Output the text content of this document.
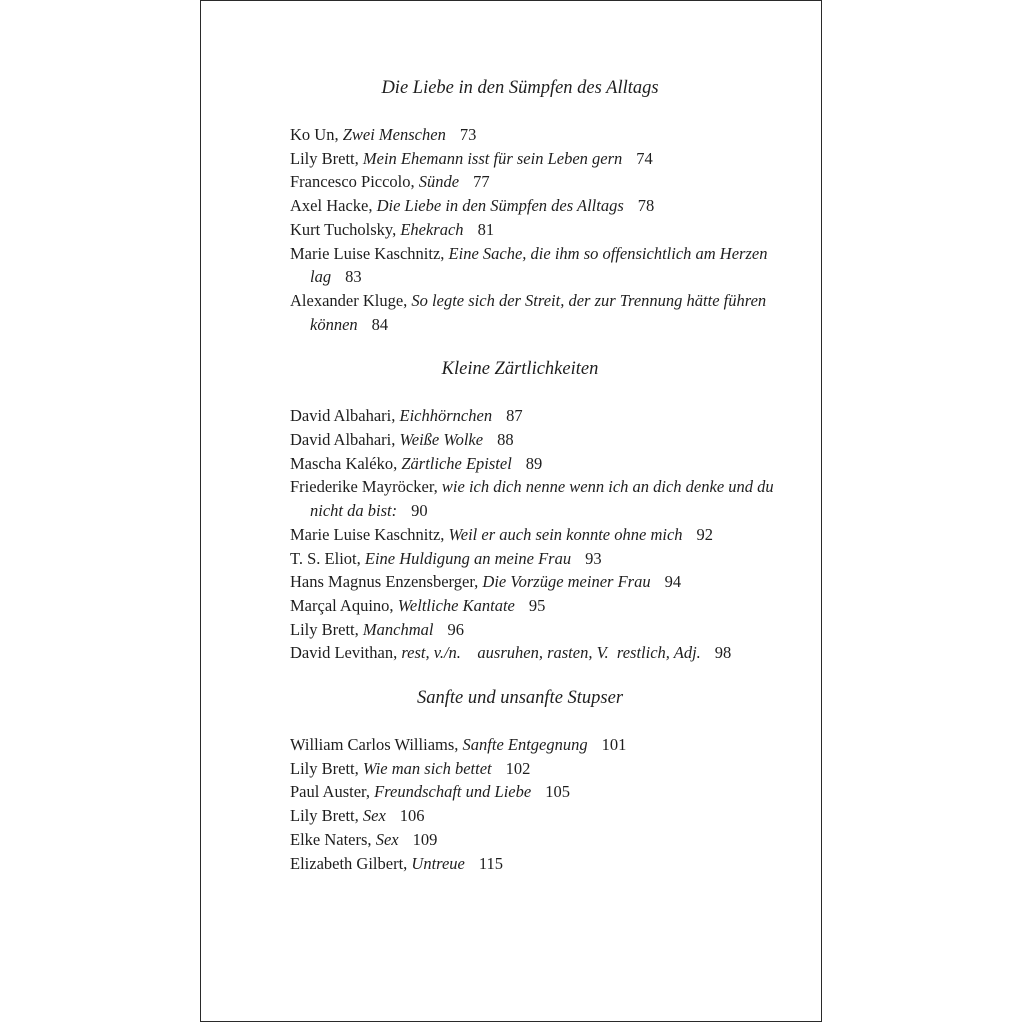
Die Liebe in den Sümpfen des Alltags
Ko Un, Zwei Menschen 73
Lily Brett, Mein Ehemann isst für sein Leben gern 74
Francesco Piccolo, Sünde 77
Axel Hacke, Die Liebe in den Sümpfen des Alltags 78
Kurt Tucholsky, Ehekrach 81
Marie Luise Kaschnitz, Eine Sache, die ihm so offensichtlich am Herzen lag 83
Alexander Kluge, So legte sich der Streit, der zur Trennung hätte führen können 84
Kleine Zärtlichkeiten
David Albahari, Eichhörnchen 87
David Albahari, Weiße Wolke 88
Mascha Kaléko, Zärtliche Epistel 89
Friederike Mayröcker, wie ich dich nenne wenn ich an dich denke und du nicht da bist: 90
Marie Luise Kaschnitz, Weil er auch sein konnte ohne mich 92
T. S. Eliot, Eine Huldigung an meine Frau 93
Hans Magnus Enzensberger, Die Vorzüge meiner Frau 94
Marçal Aquino, Weltliche Kantate 95
Lily Brett, Manchmal 96
David Levithan, rest, v./n.    ausruhen, rasten, V.  restlich, Adj. 98
Sanfte und unsanfte Stupser
William Carlos Williams, Sanfte Entgegnung 101
Lily Brett, Wie man sich bettet 102
Paul Auster, Freundschaft und Liebe 105
Lily Brett, Sex 106
Elke Naters, Sex 109
Elizabeth Gilbert, Untreue 115
